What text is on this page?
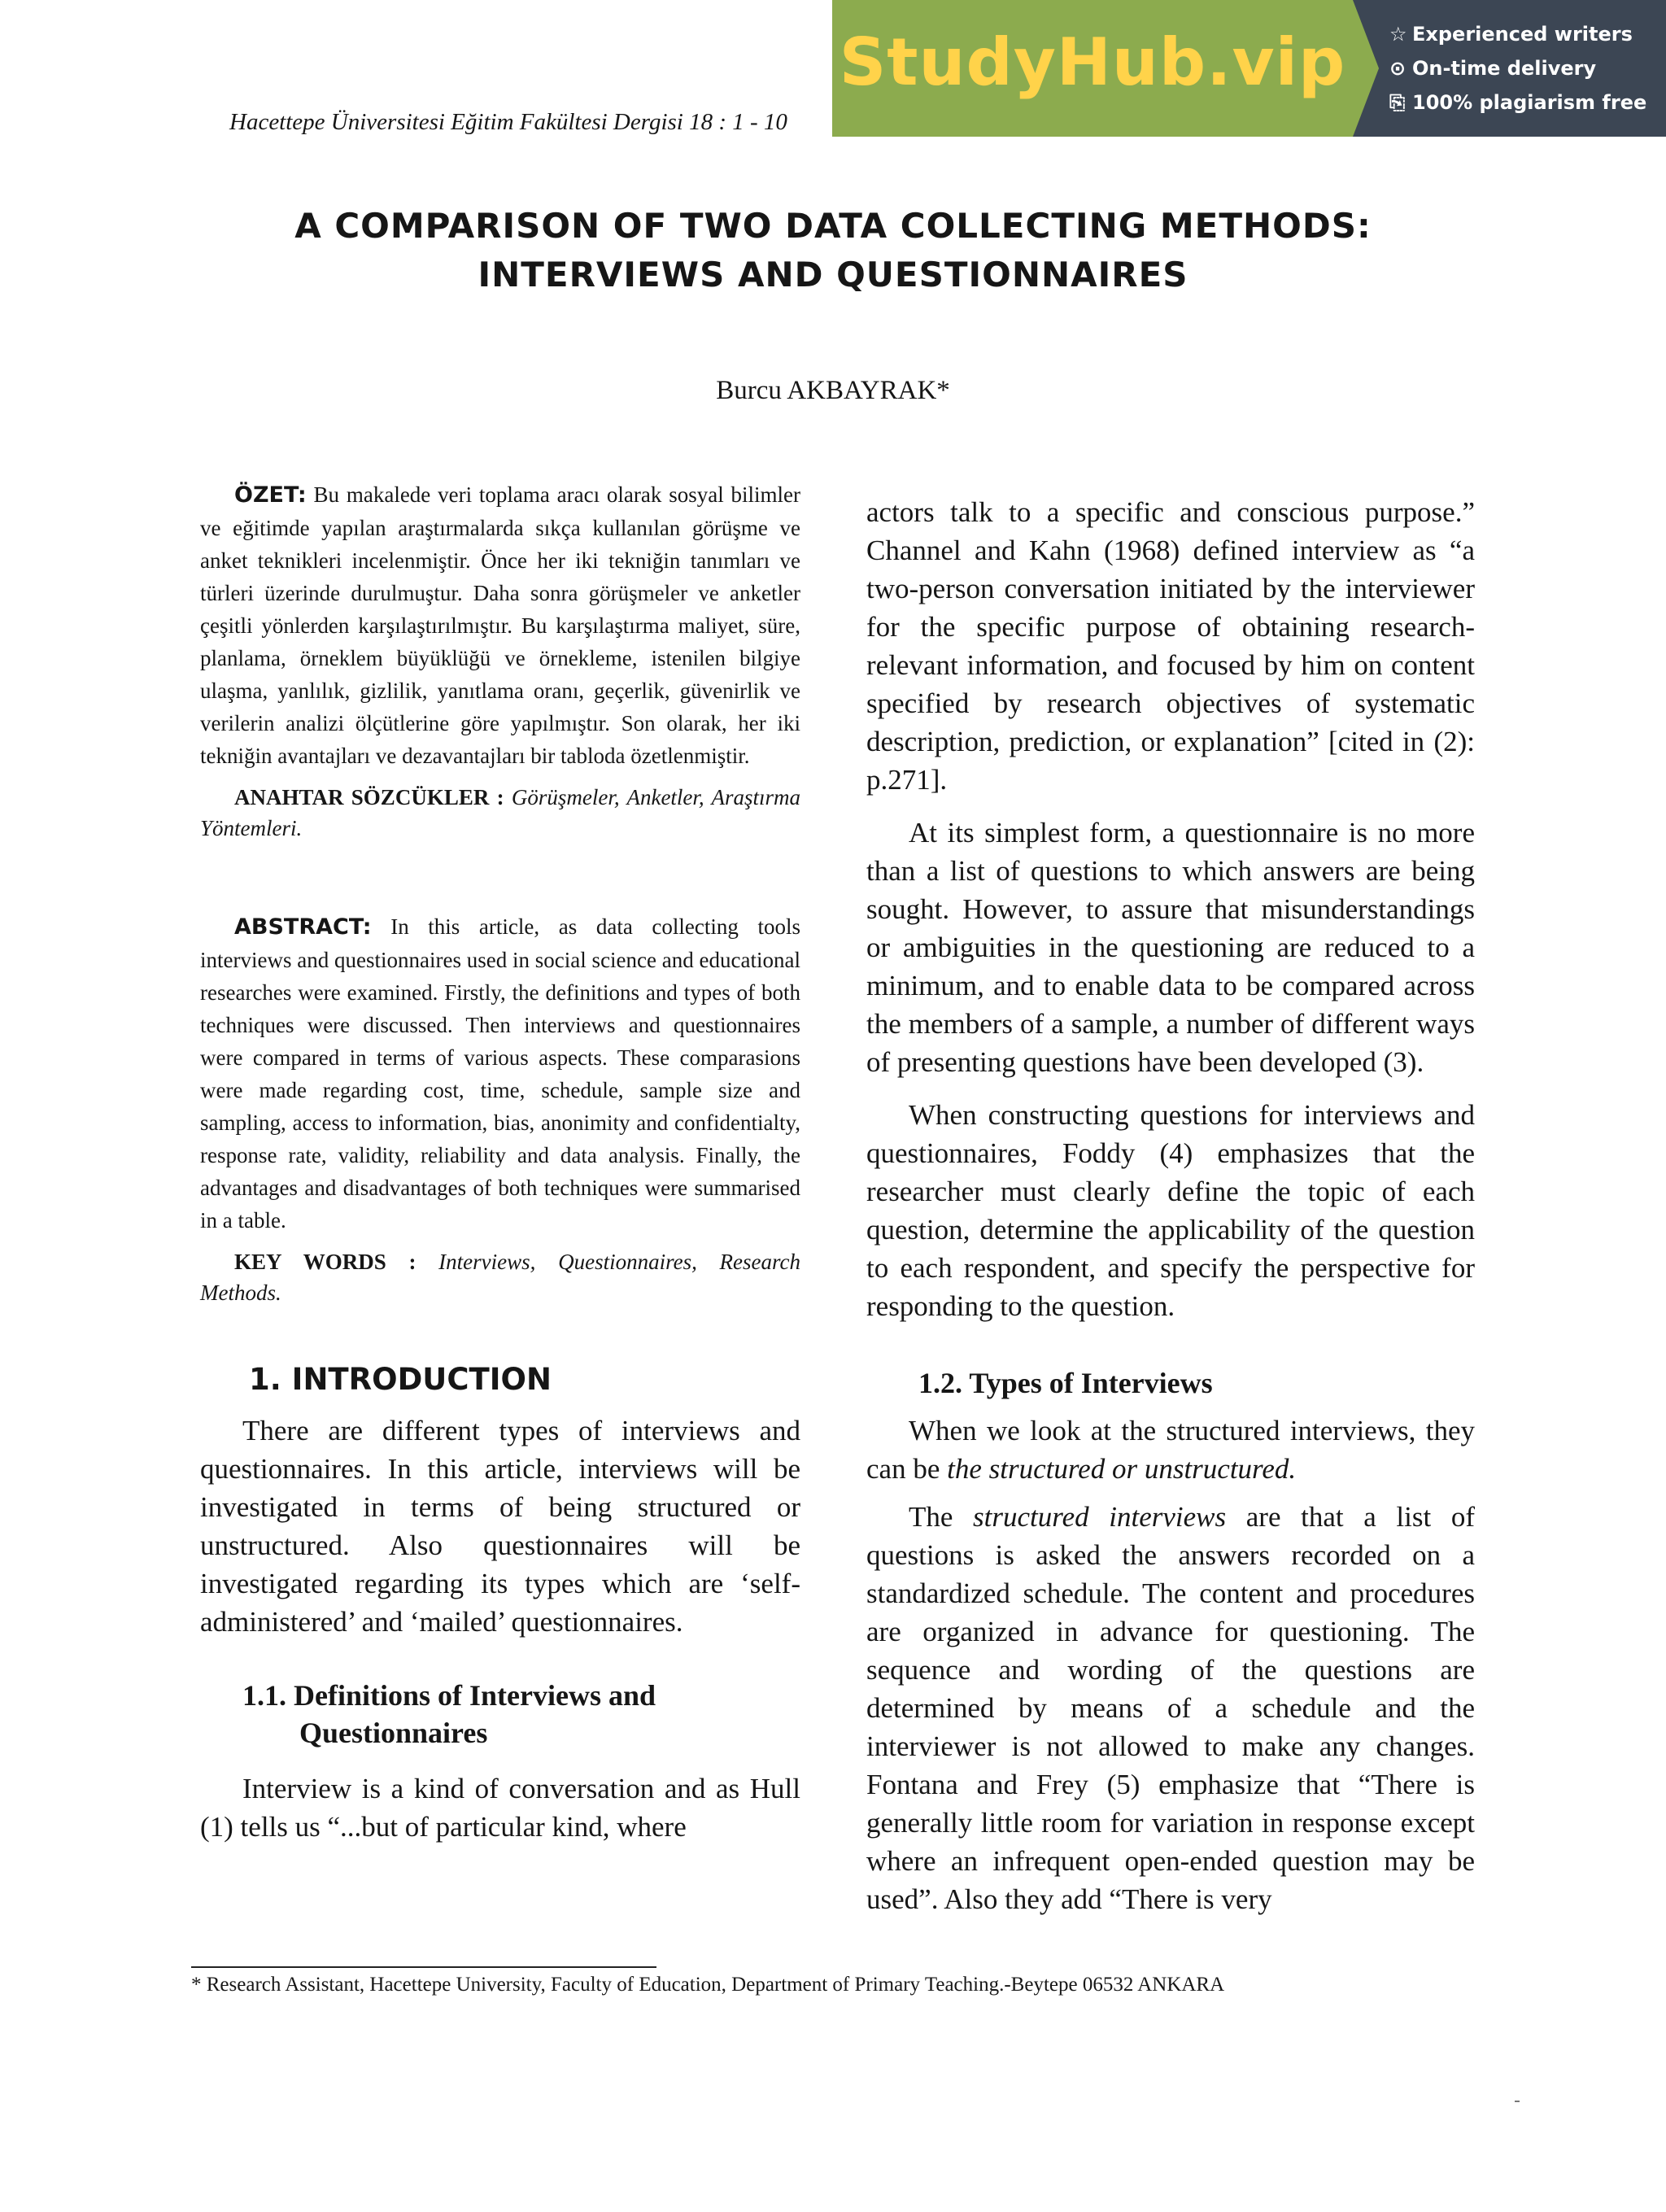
StudyHub.vip	☆ Experienced writers
⊙ On-time delivery
⎘ 100% plagiarism free
Hacettepe Üniversitesi Eğitim Fakültesi Dergisi 18 : 1 - 10
A COMPARISON OF TWO DATA COLLECTING METHODS:
INTERVIEWS AND QUESTIONNAIRES
Burcu AKBAYRAK*

ÖZET: Bu makalede veri toplama aracı olarak sosyal bilimler ve eğitimde yapılan araştırmalarda sıkça kullanılan görüşme ve anket teknikleri incelenmiştir. Önce her iki tekniğin tanımları ve türleri üzerinde durulmuştur. Daha sonra görüşmeler ve anketler çeşitli yönlerden karşılaştırılmıştır. Bu karşılaştırma maliyet, süre, planlama, örneklem büyüklüğü ve örnekleme, istenilen bilgiye ulaşma, yanlılık, gizlilik, yanıtlama oranı, geçerlik, güvenirlik ve verilerin analizi ölçütlerine göre yapılmıştır. Son olarak, her iki tekniğin avantajları ve dezavantajları bir tabloda özetlenmiştir.

ANAHTAR SÖZCÜKLER : Görüşmeler, Anketler, Araştırma Yöntemleri.

ABSTRACT: In this article, as data collecting tools interviews and questionnaires used in social science and educational researches were examined. Firstly, the definitions and types of both techniques were discussed. Then interviews and questionnaires were compared in terms of various aspects. These comparasions were made regarding cost, time, schedule, sample size and sampling, access to information, bias, anonimity and confidentialty, response rate, validity, reliability and data analysis. Finally, the advantages and disadvantages of both techniques were summarised in a table.

KEY WORDS : Interviews, Questionnaires, Research Methods.

1. INTRODUCTION

There are different types of interviews and questionnaires. In this article, interviews will be investigated in terms of being structured or unstructured. Also questionnaires will be investigated regarding its types which are ‘self-administered’ and ‘mailed’ questionnaires.

1.1. Definitions of Interviews and
Questionnaires

Interview is a kind of conversation and as Hull (1) tells us “...but of particular kind, where

actors talk to a specific and conscious purpose.” Channel and Kahn (1968) defined interview as “a two-person conversation initiated by the interviewer for the specific purpose of obtaining research-relevant information, and focused by him on content specified by research objectives of systematic description, prediction, or explanation” [cited in (2): p.271].

At its simplest form, a questionnaire is no more than a list of questions to which answers are being sought. However, to assure that misunderstandings or ambiguities in the questioning are reduced to a minimum, and to enable data to be compared across the members of a sample, a number of different ways of presenting questions have been developed (3).

When constructing questions for interviews and questionnaires, Foddy (4) emphasizes that the researcher must clearly define the topic of each question, determine the applicability of the question to each respondent, and specify the perspective for responding to the question.

1.2. Types of Interviews

When we look at the structured interviews, they can be the structured or unstructured.

The structured interviews are that a list of questions is asked the answers recorded on a standardized schedule. The content and procedures are organized in advance for questioning. The sequence and wording of the questions are determined by means of a schedule and the interviewer is not allowed to make any changes. Fontana and Frey (5) emphasize that “There is generally little room for variation in response except where an infrequent open-ended question may be used”. Also they add “There is very

* Research Assistant, Hacettepe University, Faculty of Education, Department of Primary Teaching.-Beytepe 06532 ANKARA
